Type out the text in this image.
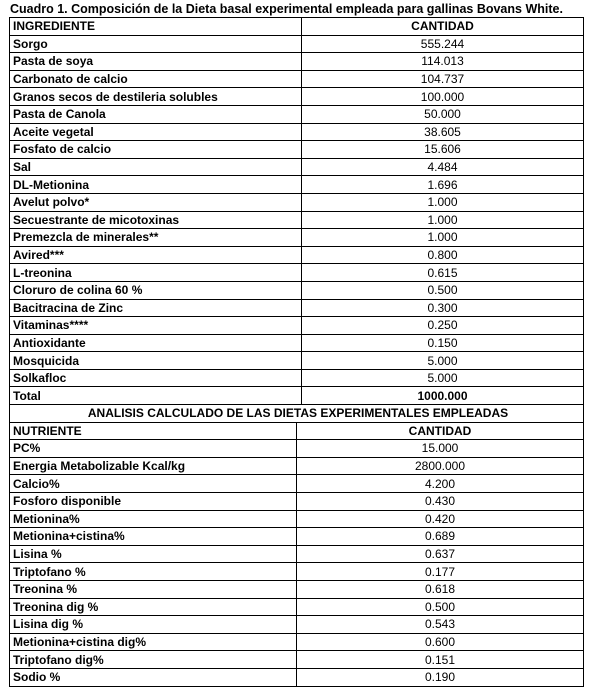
Cuadro 1. Composición de la Dieta basal experimental empleada para gallinas Bovans White.
INGREDIENTE	CANTIDAD
Sorgo	555.244
Pasta de soya	114.013
Carbonato de calcio	104.737
Granos secos de destileria solubles	100.000
Pasta de Canola	50.000
Aceite vegetal	38.605
Fosfato de calcio	15.606
Sal	4.484
DL-Metionina	1.696
Avelut polvo*	1.000
Secuestrante de micotoxinas	1.000
Premezcla de minerales**	1.000
Avired***	0.800
L-treonina	0.615
Cloruro de colina 60 %	0.500
Bacitracina de Zinc	0.300
Vitaminas****	0.250
Antioxidante	0.150
Mosquicida	5.000
Solkafloc	5.000
Total	1000.000
ANALISIS CALCULADO DE LAS DIETAS EXPERIMENTALES EMPLEADAS	
NUTRIENTE	CANTIDAD
PC%	15.000
Energia Metabolizable Kcal/kg	2800.000
Calcio%	4.200
Fosforo disponible	0.430
Metionina%	0.420
Metionina+cistina%	0.689
Lisina %	0.637
Triptofano %	0.177
Treonina %	0.618
Treonina dig %	0.500
Lisina dig %	0.543
Metionina+cistina dig%	0.600
Triptofano dig%	0.151
Sodio %	0.190
